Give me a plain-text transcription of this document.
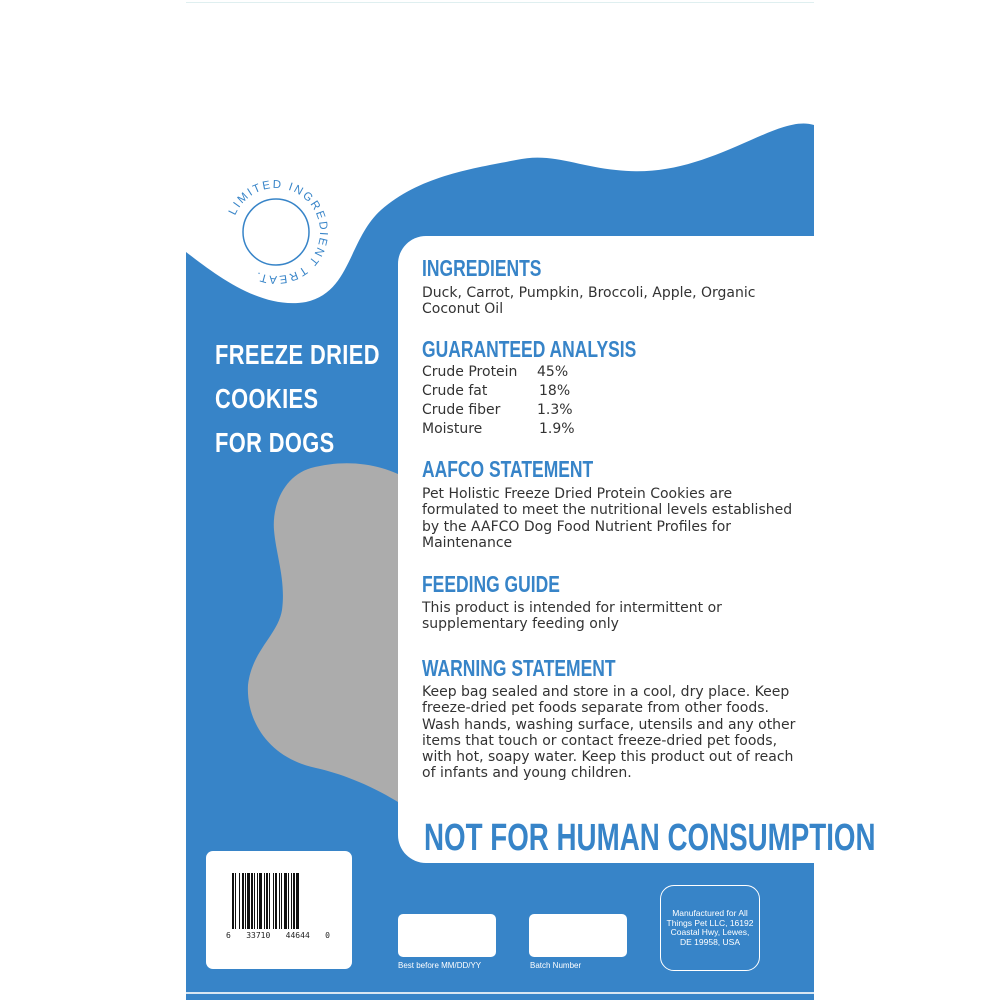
LIMITED INGREDIENT TREAT.
FREEZE DRIED
COOKIES
FOR DOGS
INGREDIENTS

Duck, Carrot, Pumpkin, Broccoli, Apple, Organic Coconut Oil

GUARANTEED ANALYSIS
Crude Protein 45%
Crude fat	18%
Crude fiber	1.3%
Moisture	1.9%
AAFCO STATEMENT

Pet Holistic Freeze Dried Protein Cookies are formulated to meet the nutritional levels established by the AAFCO Dog Food Nutrient Profiles for Maintenance

FEEDING GUIDE

This product is intended for intermittent or supplementary feeding only

WARNING STATEMENT

Keep bag sealed and store in a cool, dry place. Keep freeze-dried pet foods separate from other foods. Wash hands, washing surface, utensils and any other items that touch or contact freeze-dried pet foods, with hot, soapy water. Keep this product out of reach of infants and young children.

NOT FOR HUMAN CONSUMPTION
6 33710 44644 0

Best before MM/DD/YY	Batch Number

Manufactured for All Things Pet LLC, 16192 Coastal Hwy, Lewes, DE 19958, USA
